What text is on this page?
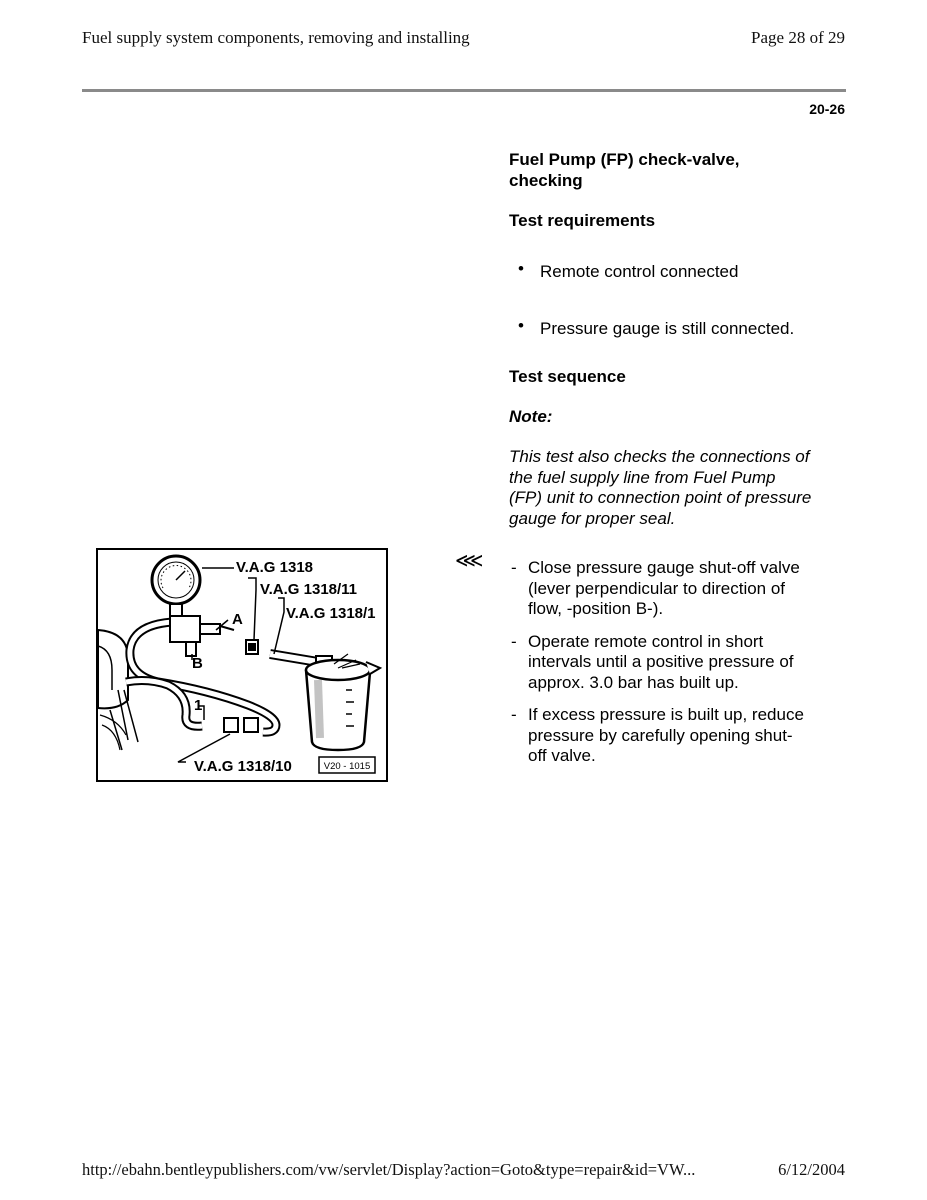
Fuel supply system components, removing and installing	Page 28 of 29
20-26
Fuel Pump (FP) check-valve,
checking
Test requirements
• Remote control connected
• Pressure gauge is still connected.
Test sequence
Note:
This test also checks the connections of
the fuel supply line from Fuel Pump
(FP) unit to connection point of pressure
gauge for proper seal.
⋘ - Close pressure gauge shut-off valve
(lever perpendicular to direction of
flow, -position B-).
- Operate remote control in short
intervals until a positive pressure of
approx. 3.0 bar has built up.
- If excess pressure is built up, reduce
pressure by carefully opening shut-
off valve.
V.A.G 1318
V.A.G 1318/11
V.A.G 1318/1
A
B
1
V.A.G 1318/10	V20 - 1015
http://ebahn.bentleypublishers.com/vw/servlet/Display?action=Goto&type=repair&id=VW...	6/12/2004
